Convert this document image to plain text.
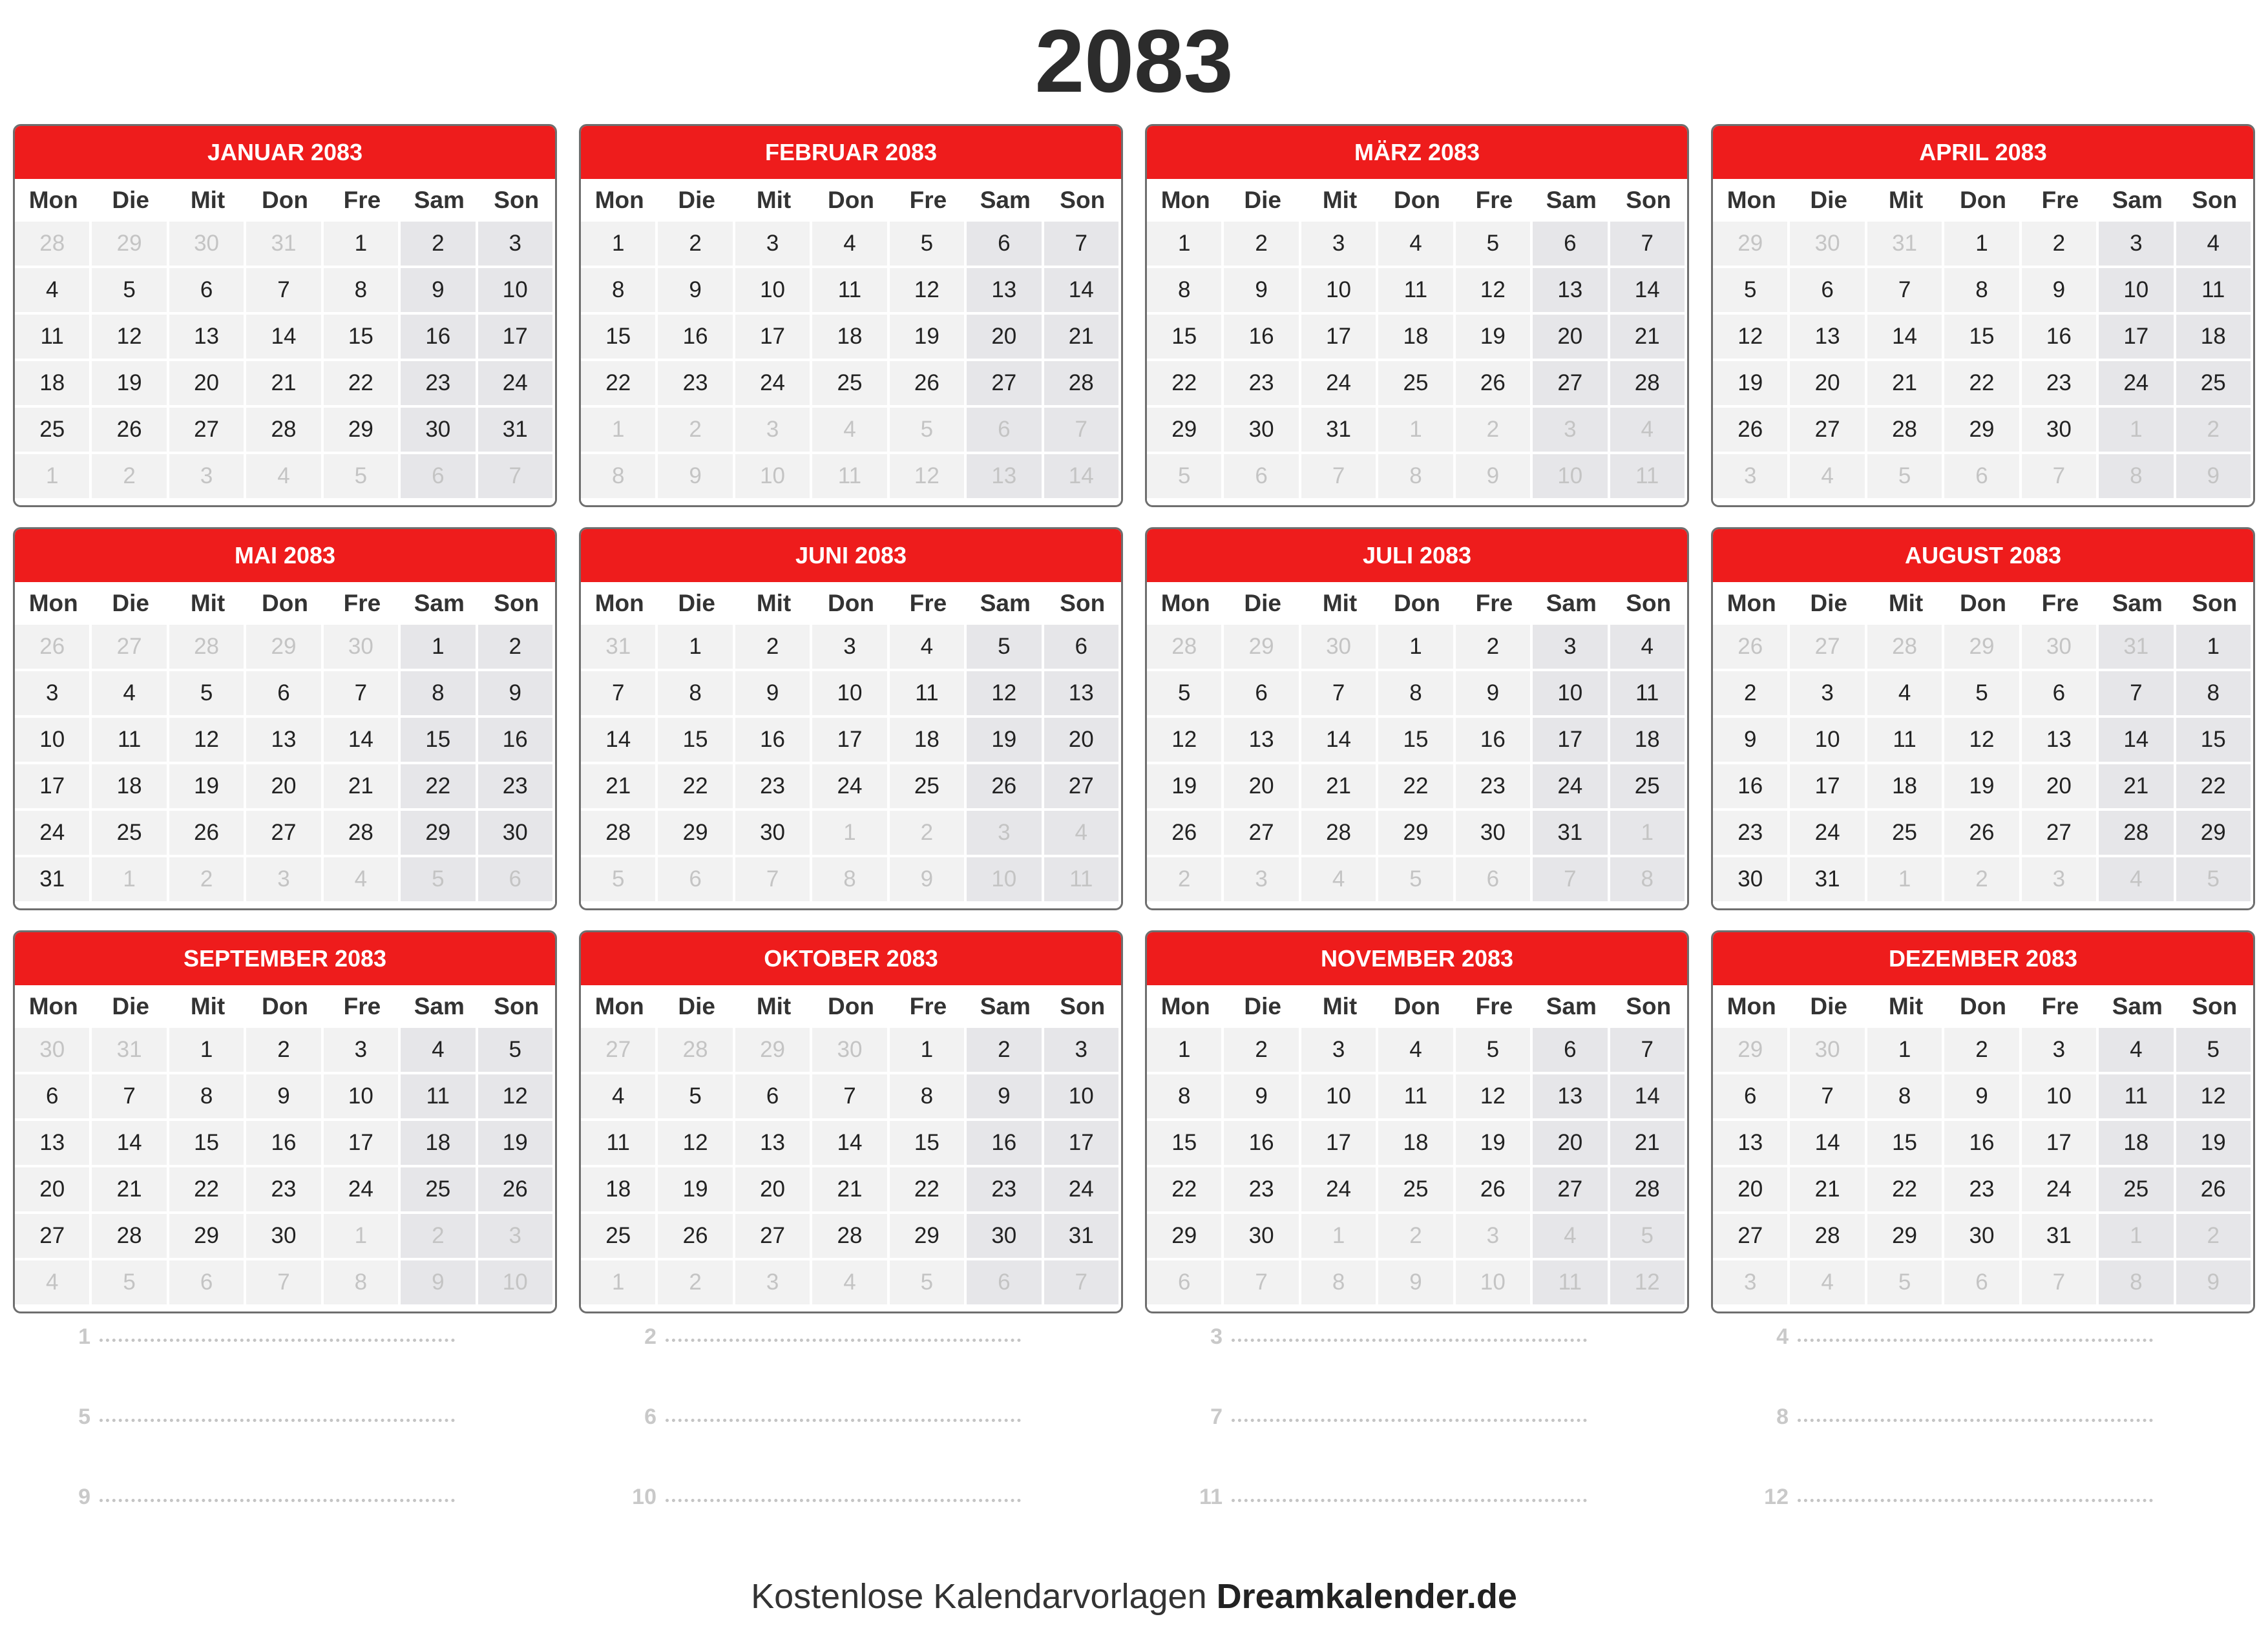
2083
JANUAR 2083
Mon	Die	Mit	Don	Fre	Sam	Son
28	29	30	31	1	2	3
4	5	6	7	8	9	10
11	12	13	14	15	16	17
18	19	20	21	22	23	24
25	26	27	28	29	30	31
1	2	3	4	5	6	7
FEBRUAR 2083
Mon	Die	Mit	Don	Fre	Sam	Son
1	2	3	4	5	6	7
8	9	10	11	12	13	14
15	16	17	18	19	20	21
22	23	24	25	26	27	28
1	2	3	4	5	6	7
8	9	10	11	12	13	14
MÄRZ 2083
Mon	Die	Mit	Don	Fre	Sam	Son
1	2	3	4	5	6	7
8	9	10	11	12	13	14
15	16	17	18	19	20	21
22	23	24	25	26	27	28
29	30	31	1	2	3	4
5	6	7	8	9	10	11
APRIL 2083
Mon	Die	Mit	Don	Fre	Sam	Son
29	30	31	1	2	3	4
5	6	7	8	9	10	11
12	13	14	15	16	17	18
19	20	21	22	23	24	25
26	27	28	29	30	1	2
3	4	5	6	7	8	9
MAI 2083
Mon	Die	Mit	Don	Fre	Sam	Son
26	27	28	29	30	1	2
3	4	5	6	7	8	9
10	11	12	13	14	15	16
17	18	19	20	21	22	23
24	25	26	27	28	29	30
31	1	2	3	4	5	6
JUNI 2083
Mon	Die	Mit	Don	Fre	Sam	Son
31	1	2	3	4	5	6
7	8	9	10	11	12	13
14	15	16	17	18	19	20
21	22	23	24	25	26	27
28	29	30	1	2	3	4
5	6	7	8	9	10	11
JULI 2083
Mon	Die	Mit	Don	Fre	Sam	Son
28	29	30	1	2	3	4
5	6	7	8	9	10	11
12	13	14	15	16	17	18
19	20	21	22	23	24	25
26	27	28	29	30	31	1
2	3	4	5	6	7	8
AUGUST 2083
Mon	Die	Mit	Don	Fre	Sam	Son
26	27	28	29	30	31	1
2	3	4	5	6	7	8
9	10	11	12	13	14	15
16	17	18	19	20	21	22
23	24	25	26	27	28	29
30	31	1	2	3	4	5
SEPTEMBER 2083
Mon	Die	Mit	Don	Fre	Sam	Son
30	31	1	2	3	4	5
6	7	8	9	10	11	12
13	14	15	16	17	18	19
20	21	22	23	24	25	26
27	28	29	30	1	2	3
4	5	6	7	8	9	10
OKTOBER 2083
Mon	Die	Mit	Don	Fre	Sam	Son
27	28	29	30	1	2	3
4	5	6	7	8	9	10
11	12	13	14	15	16	17
18	19	20	21	22	23	24
25	26	27	28	29	30	31
1	2	3	4	5	6	7
NOVEMBER 2083
Mon	Die	Mit	Don	Fre	Sam	Son
1	2	3	4	5	6	7
8	9	10	11	12	13	14
15	16	17	18	19	20	21
22	23	24	25	26	27	28
29	30	1	2	3	4	5
6	7	8	9	10	11	12
DEZEMBER 2083
Mon	Die	Mit	Don	Fre	Sam	Son
29	30	1	2	3	4	5
6	7	8	9	10	11	12
13	14	15	16	17	18	19
20	21	22	23	24	25	26
27	28	29	30	31	1	2
3	4	5	6	7	8	9
1	2	3	4
5	6	7	8
9	10	11	12
Kostenlose Kalendarvorlagen Dreamkalender.de
